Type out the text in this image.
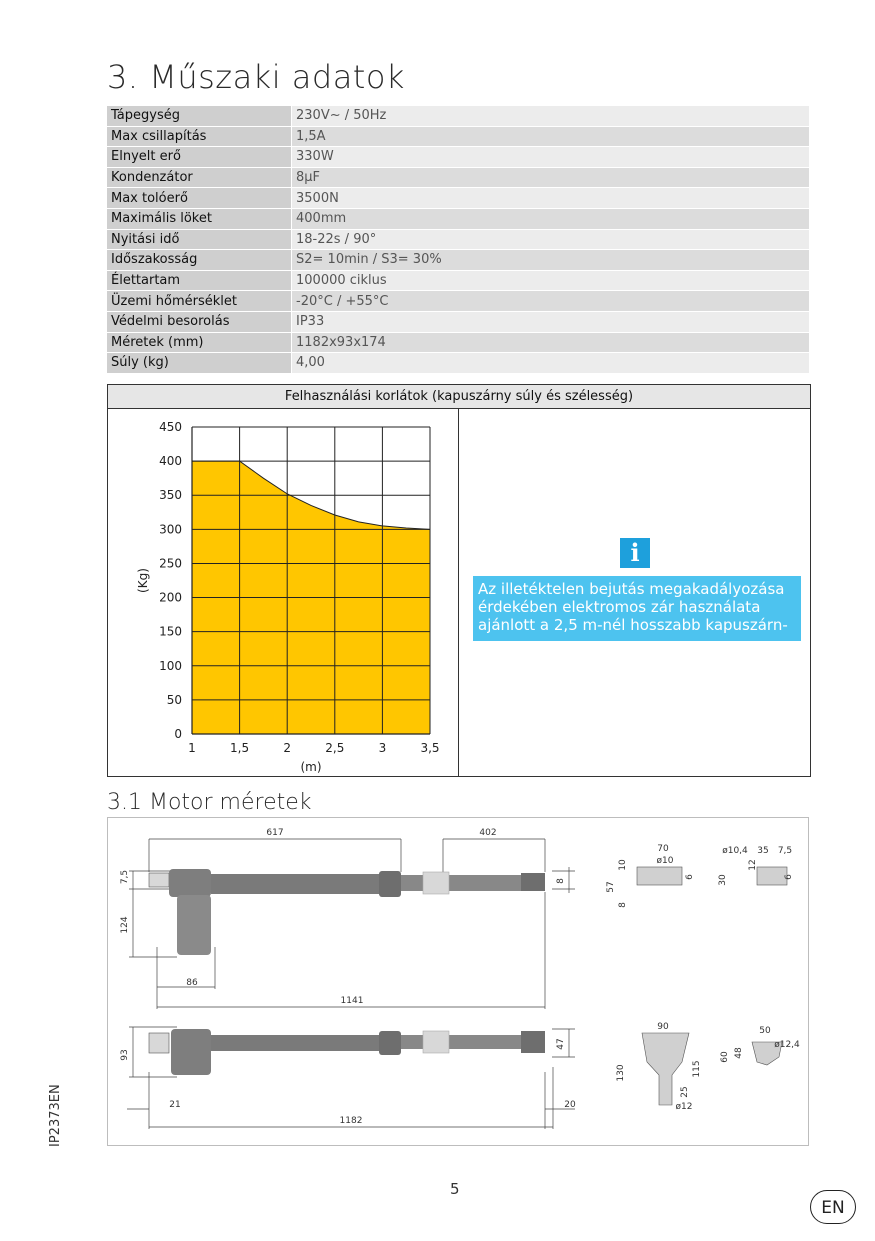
3. Műszaki adatok
Tápegység	230V~ / 50Hz
Max csillapítás	1,5A
Elnyelt erő	330W
Kondenzátor	8μF
Max tolóerő	3500N
Maximális löket	400mm
Nyitási idő	18-22s / 90°
Időszakosság	S2= 10min / S3= 30%
Élettartam	100000 ciklus
Üzemi hőmérséklet	-20°C / +55°C
Védelmi besorolás	IP33
Méretek (mm)	1182x93x174
Súly (kg)	4,00
Felhasználási korlátok (kapuszárny súly és szélesség)
1	1,5	2	2,5	3	3,5
0
50
100
150
200
250
300
350
400
450
(m)
(Kg)
i
Az illetéktelen bejutás megakadályozása érdekében elektromos zár használata ajánlott a 2,5 m-nél hosszabb kapuszárn-
3.1 Motor méretek
617	402
1141
86
7,5
124
8
93
47
21	20
1182
70
ø10
10
6
57
8
ø10,4 35 7,5
12
30	6
90
130	115
25
ø12
50
ø12,4
48
60
IP2373EN
5
EN
